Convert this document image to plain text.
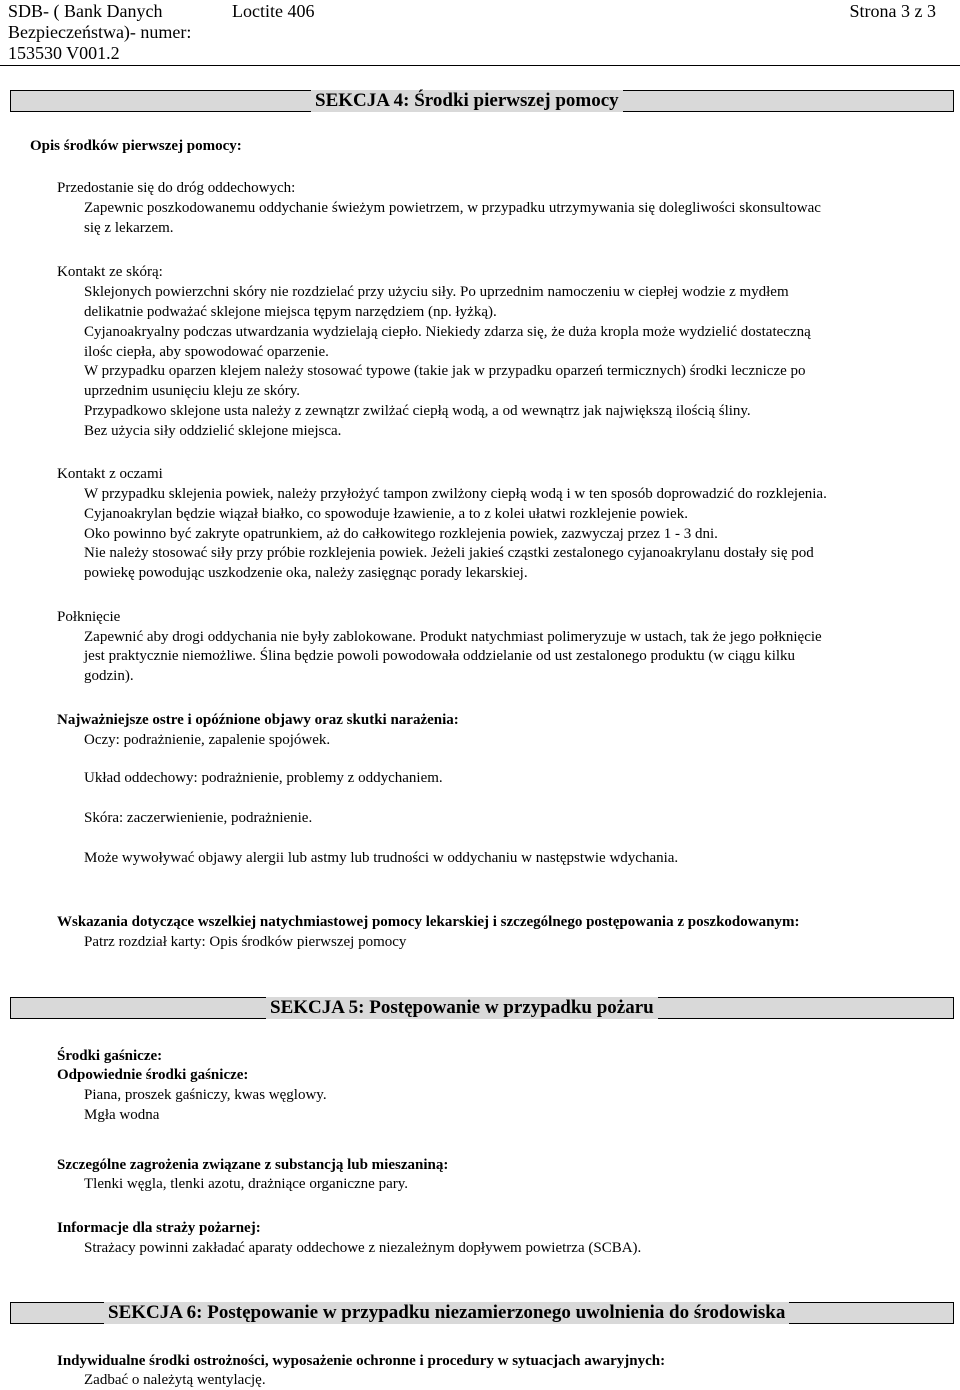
SDB- ( Bank Danych
Bezpieczeństwa)- numer:
153530 V001.2
Loctite 406	Strona 3 z 3
SEKCJA 4: Środki pierwszej pomocy
Opis środków pierwszej pomocy:
Przedostanie się do dróg oddechowych:
Zapewnic poszkodowanemu oddychanie świeżym powietrzem, w przypadku utrzymywania się dolegliwości skonsultowac
się z lekarzem.
Kontakt ze skórą:
Sklejonych powierzchni skóry nie rozdzielać przy użyciu siły. Po uprzednim namoczeniu w ciepłej wodzie z mydłem
delikatnie podważać sklejone miejsca tępym narzędziem (np. łyżką).
Cyjanoakryalny podczas utwardzania wydzielają ciepło. Niekiedy zdarza się, że duża kropla może wydzielić dostateczną
ilośc ciepła, aby spowodować oparzenie.
W przypadku oparzen klejem należy stosować typowe (takie jak w przypadku oparzeń termicznych) środki lecznicze po
uprzednim usunięciu kleju ze skóry.
Przypadkowo sklejone usta należy z zewnątzr zwilżać ciepłą wodą, a od wewnątrz jak największą ilością śliny.
Bez użycia siły oddzielić sklejone miejsca.
Kontakt z oczami
W przypadku sklejenia powiek, należy przyłożyć tampon zwilżony ciepłą wodą i w ten sposób doprowadzić do rozklejenia.
Cyjanoakrylan będzie wiązał białko, co spowoduje łzawienie, a to z kolei ułatwi rozklejenie powiek.
Oko powinno być zakryte opatrunkiem, aż do całkowitego rozklejenia powiek, zazwyczaj przez 1 - 3 dni.
Nie należy stosować siły przy próbie rozklejenia powiek. Jeżeli jakieś cząstki zestalonego cyjanoakrylanu dostały się pod
powiekę powodując uszkodzenie oka, należy zasięgnąc porady lekarskiej.
Połknięcie
Zapewnić aby drogi oddychania nie były zablokowane. Produkt natychmiast polimeryzuje w ustach, tak że jego połknięcie
jest praktycznie niemożliwe. Ślina będzie powoli powodowała oddzielanie od ust zestalonego produktu (w ciągu kilku
godzin).
Najważniejsze ostre i opóźnione objawy oraz skutki narażenia:
Oczy: podrażnienie, zapalenie spojówek.
Układ oddechowy: podrażnienie, problemy z oddychaniem.
Skóra: zaczerwienienie, podrażnienie.
Może wywoływać objawy alergii lub astmy lub trudności w oddychaniu w następstwie wdychania.
Wskazania dotyczące wszelkiej natychmiastowej pomocy lekarskiej i szczególnego postępowania z poszkodowanym:
Patrz rozdział karty: Opis środków pierwszej pomocy
SEKCJA 5: Postępowanie w przypadku pożaru
Środki gaśnicze:
Odpowiednie środki gaśnicze:
Piana, proszek gaśniczy, kwas węglowy.
Mgła wodna
Szczególne zagrożenia związane z substancją lub mieszaniną:
Tlenki węgla, tlenki azotu, drażniące organiczne pary.
Informacje dla straży pożarnej:
Strażacy powinni zakładać aparaty oddechowe z niezależnym dopływem powietrza (SCBA).
SEKCJA 6: Postępowanie w przypadku niezamierzonego uwolnienia do środowiska
Indywidualne środki ostrożności, wyposażenie ochronne i procedury w sytuacjach awaryjnych:
Zadbać o należytą wentylację.
